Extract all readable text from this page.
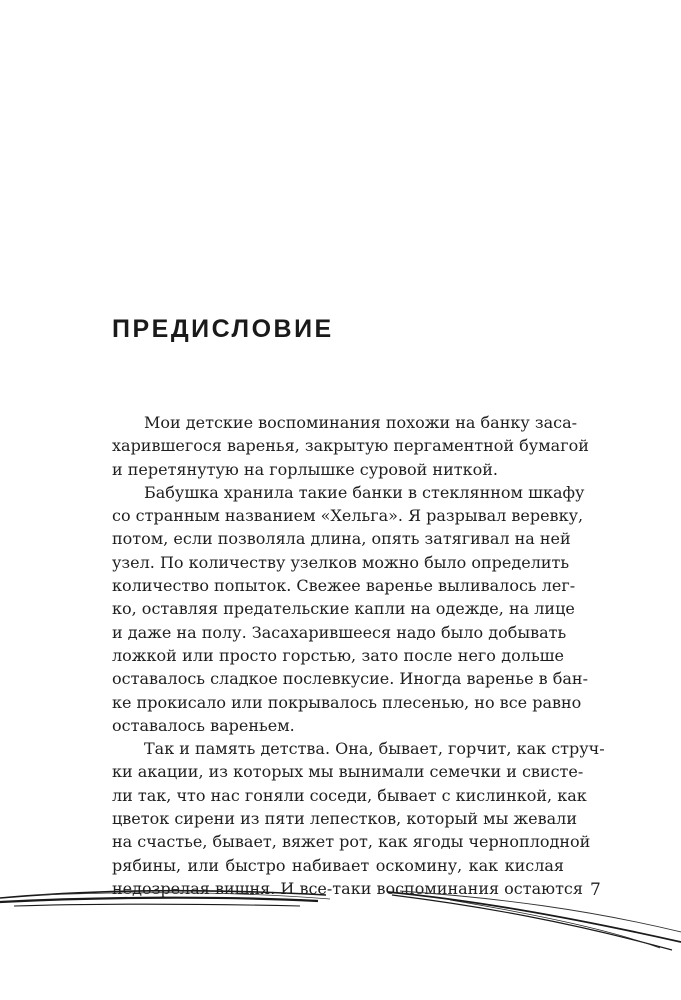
ПРЕДИСЛОВИЕ

Мои детские воспоминания похожи на банку заса-
харившегося варенья, закрытую пергаментной бумагой
и перетянутую на горлышке суровой ниткой.

Бабушка хранила такие банки в стеклянном шкафу
со странным названием «Хельга». Я разрывал веревку,
потом, если позволяла длина, опять затягивал на ней
узел. По количеству узелков можно было определить
количество попыток. Свежее варенье выливалось лег-
ко, оставляя предательские капли на одежде, на лице
и даже на полу. Засахарившееся надо было добывать
ложкой или просто горстью, зато после него дольше
оставалось сладкое послевкусие. Иногда варенье в бан-
ке прокисало или покрывалось плесенью, но все равно
оставалось вареньем.

Так и память детства. Она, бывает, горчит, как струч-
ки акации, из которых мы вынимали семечки и свисте-
ли так, что нас гоняли соседи, бывает с кислинкой, как
цветок сирени из пяти лепестков, который мы жевали
на счастье, бывает, вяжет рот, как ягоды черноплодной
рябины, или быстро набивает оскомину, как кислая
недозрелая вишня. И все-таки воспоминания остаются 7
